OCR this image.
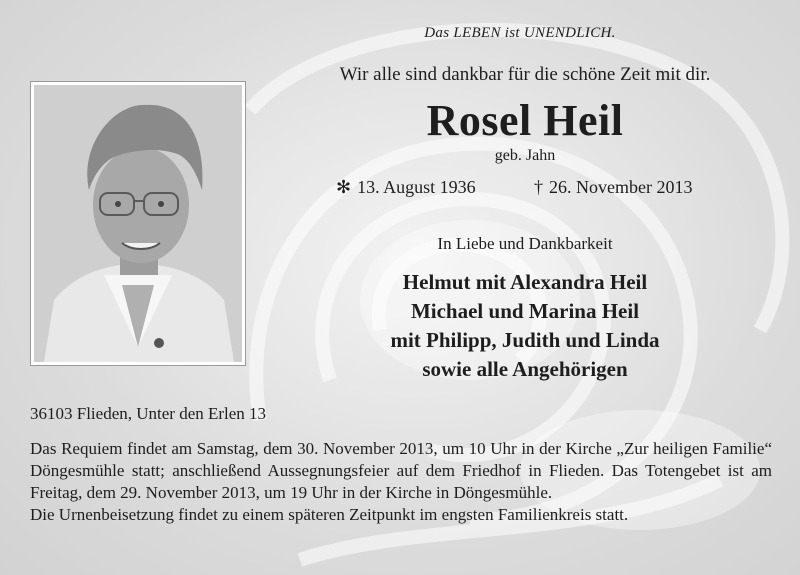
Das LEBEN ist UNENDLICH.
Wir alle sind dankbar für die schöne Zeit mit dir.
Rosel Heil
geb. Jahn
✻ 13. August 1936	† 26. November 2013
In Liebe und Dankbarkeit
Helmut mit Alexandra Heil
Michael und Marina Heil
mit Philipp, Judith und Linda
sowie alle Angehörigen
36103 Flieden, Unter den Erlen 13

Das Requiem findet am Samstag, dem 30. November 2013, um 10 Uhr in der Kirche „Zur heiligen Familie“ Döngesmühle statt; anschließend Aussegnungsfeier auf dem Friedhof in Flieden. Das Totengebet ist am Freitag, dem 29. November 2013, um 19 Uhr in der Kirche in Döngesmühle.

Die Urnenbeisetzung findet zu einem späteren Zeitpunkt im engsten Familienkreis statt.
